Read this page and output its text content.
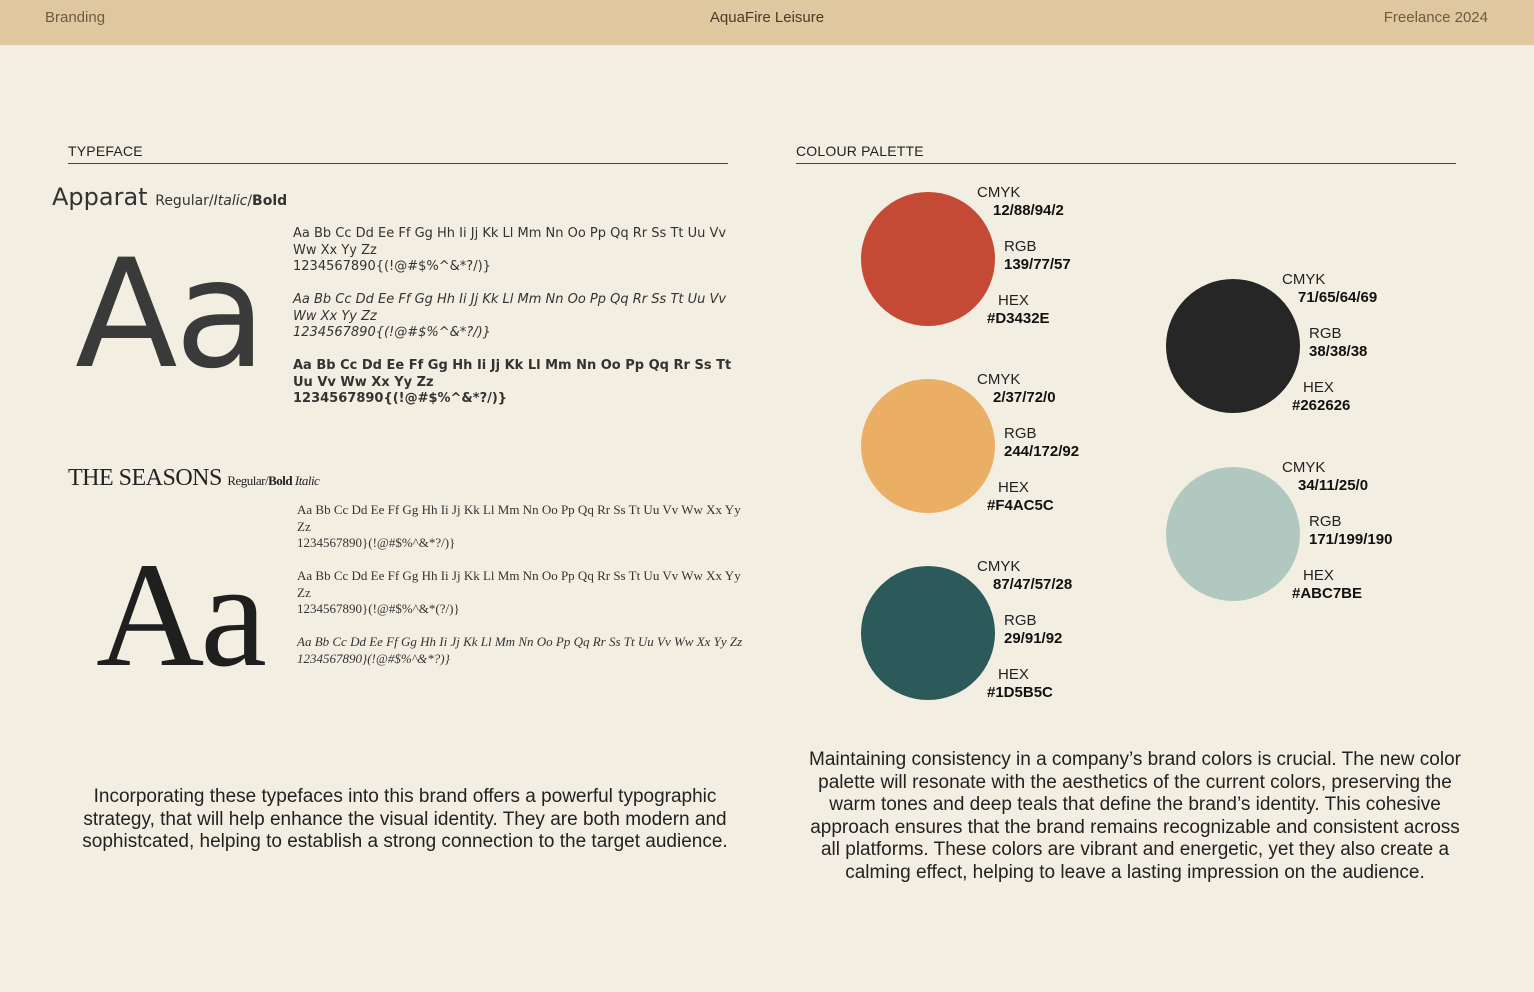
Branding	AquaFire Leisure	Freelance 2024
TYPEFACE
Apparat Regular/Italic/Bold
Aa Aa Bb Cc Dd Ee Ff Gg Hh Ii Jj Kk Ll Mm Nn Oo Pp Qq Rr Ss Tt Uu Vv Ww Xx Yy Zz
1234567890{(!@#$%^&*?/)}
Aa Bb Cc Dd Ee Ff Gg Hh Ii Jj Kk Ll Mm Nn Oo Pp Qq Rr Ss Tt Uu Vv Ww Xx Yy Zz
1234567890{(!@#$%^&*?/)}
Aa Bb Cc Dd Ee Ff Gg Hh Ii Jj Kk Ll Mm Nn Oo Pp Qq Rr Ss Tt Uu Vv Ww Xx Yy Zz
1234567890{(!@#$%^&*?/)}
THE SEASONS Regular/Bold Italic
Aa
Aa Bb Cc Dd Ee Ff Gg Hh Ii Jj Kk Ll Mm Nn Oo Pp Qq Rr Ss Tt Uu Vv Ww Xx Yy Zz
1234567890}(!@#$%^&*?/)}
Aa Bb Cc Dd Ee Ff Gg Hh Ii Jj Kk Ll Mm Nn Oo Pp Qq Rr Ss Tt Uu Vv Ww Xx Yy Zz
1234567890}(!@#$%^&*(?/)}
Aa Bb Cc Dd Ee Ff Gg Hh Ii Jj Kk Ll Mm Nn Oo Pp Qq Rr Ss Tt Uu Vv Ww Xx Yy Zz
1234567890}(!@#$%^&*?)}

Incorporating these typefaces into this brand offers a powerful typographic strategy, that will help enhance the visual identity. They are both modern and sophistcated, helping to establish a strong connection to the target audience.

COLOUR PALETTE
CMYK
12/88/94/2
RGB
139/77/57
HEX
#D3432E
CMYK
2/37/72/0
RGB
244/172/92
HEX
#F4AC5C
CMYK
87/47/57/28
RGB
29/91/92
HEX
#1D5B5C
CMYK
71/65/64/69
RGB
38/38/38
HEX
#262626
CMYK
34/11/25/0
RGB
171/199/190
HEX
#ABC7BE

Maintaining consistency in a company’s brand colors is crucial. The new color palette will resonate with the aesthetics of the current colors, preserving the warm tones and deep teals that define the brand’s identity. This cohesive approach ensures that the brand remains recognizable and consistent across all platforms. These colors are vibrant and energetic, yet they also create a calming effect, helping to leave a lasting impression on the audience.
